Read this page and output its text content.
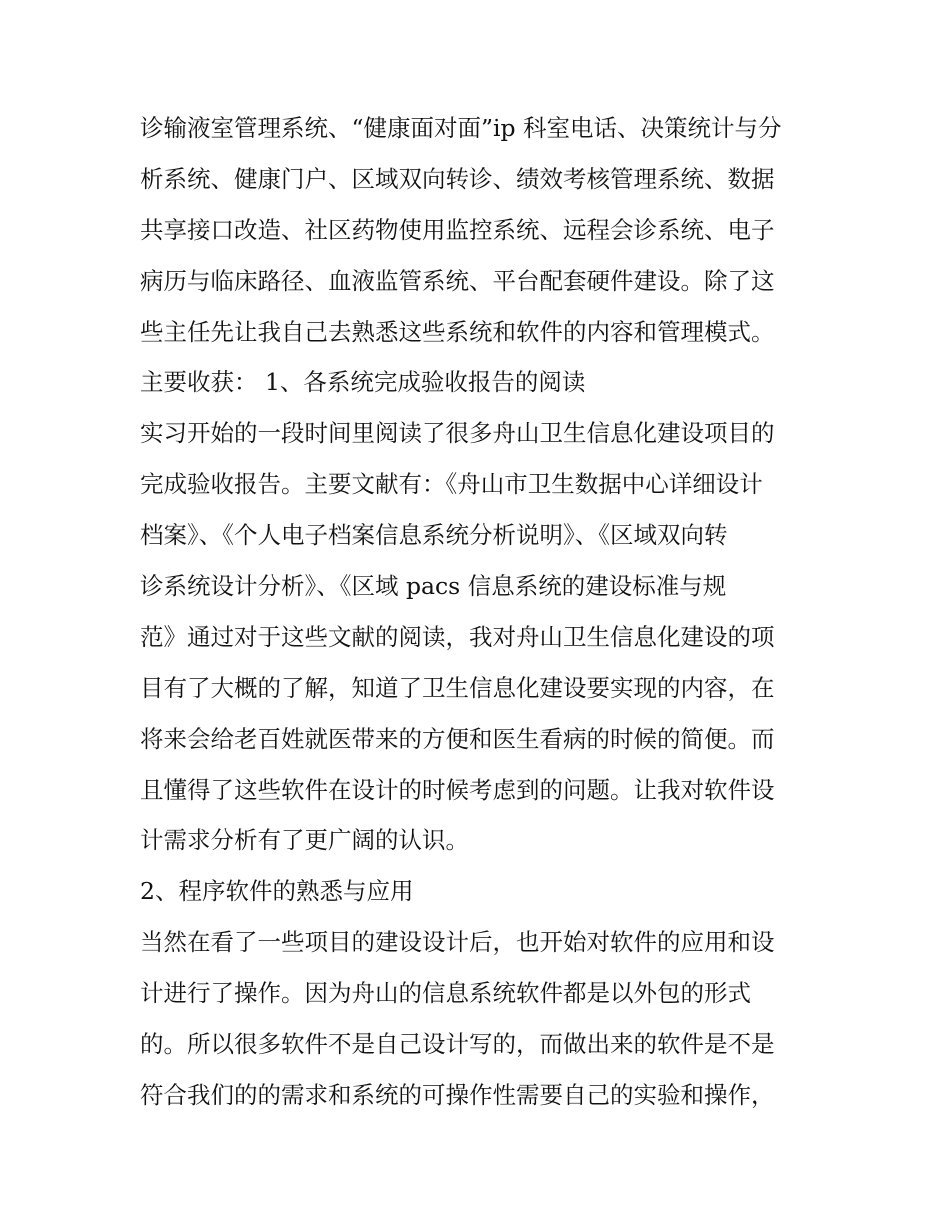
诊输液室管理系统、“健康面对面”ip 科室电话、决策统计与分
析系统、健康门户、区域双向转诊、绩效考核管理系统、数据
共享接口改造、社区药物使用监控系统、远程会诊系统、电子
病历与临床路径、血液监管系统、平台配套硬件建设。除了这
些主任先让我自己去熟悉这些系统和软件的内容和管理模式。
主要收获： 1、各系统完成验收报告的阅读
实习开始的一段时间里阅读了很多舟山卫生信息化建设项目的
完成验收报告。主要文献有：《舟山市卫生数据中心详细设计
档案》、《个人电子档案信息系统分析说明》、《区域双向转
诊系统设计分析》、《区域 pacs 信息系统的建设标准与规
范》通过对于这些文献的阅读，我对舟山卫生信息化建设的项
目有了大概的了解，知道了卫生信息化建设要实现的内容，在
将来会给老百姓就医带来的方便和医生看病的时候的简便。而
且懂得了这些软件在设计的时候考虑到的问题。让我对软件设
计需求分析有了更广阔的认识。
2、程序软件的熟悉与应用
当然在看了一些项目的建设设计后，也开始对软件的应用和设
计进行了操作。因为舟山的信息系统软件都是以外包的形式
的。所以很多软件不是自己设计写的，而做出来的软件是不是
符合我们的的需求和系统的可操作性需要自己的实验和操作，
